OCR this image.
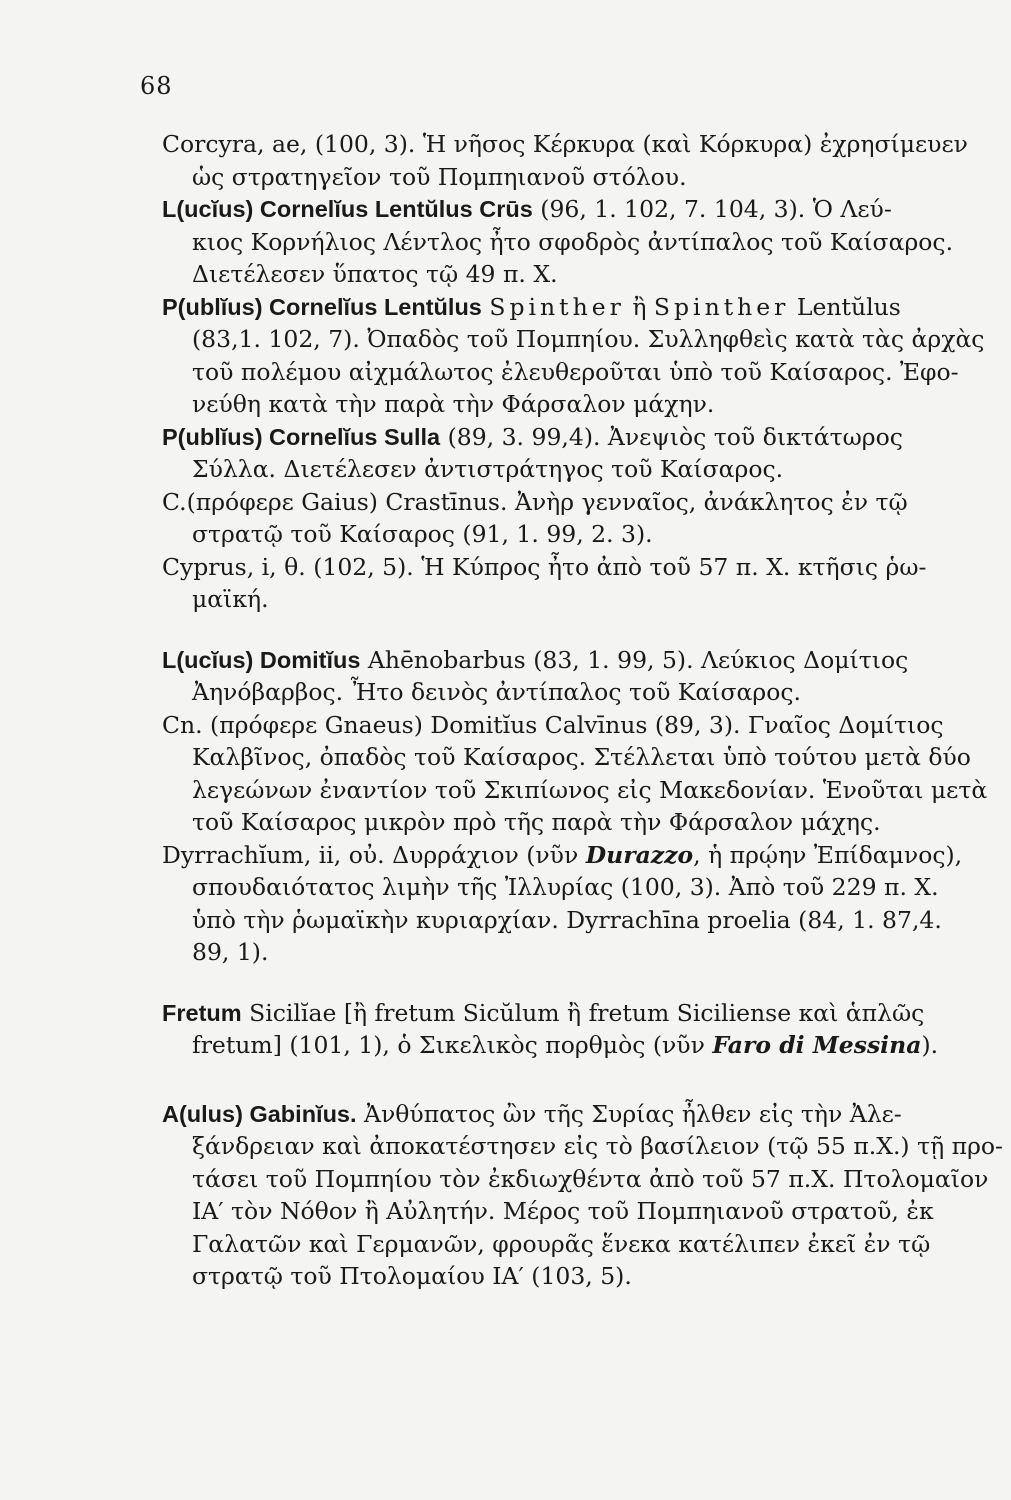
68

Corcyra, ae, (100, 3). Ἡ νῆσος Κέρκυρα (καὶ Κόρκυρα) ἐχρησίμευεν
ὡς στρατηγεῖον τοῦ Πομπηιανοῦ στόλου.

L(ucĭus) Cornelĭus Lentŭlus Crūs (96, 1. 102, 7. 104, 3). Ὁ Λεύ-
κιος Κορνήλιος Λέντλος ἦτο σφοδρὸς ἀντίπαλος τοῦ Καίσαρος.
Διετέλεσεν ὕπατος τῷ 49 π. Χ.

P(ublĭus) Cornelĭus Lentŭlus Spinther ἢ Spinther Lentŭlus
(83,1. 102, 7). Ὀπαδὸς τοῦ Πομπηίου. Συλληφθεὶς κατὰ τὰς ἀρχὰς
τοῦ πολέμου αἰχμάλωτος ἐλευθεροῦται ὑπὸ τοῦ Καίσαρος. Ἐφο-
νεύθη κατὰ τὴν παρὰ τὴν Φάρσαλον μάχην.

P(ublĭus) Cornelĭus Sulla (89, 3. 99,4). Ἀνεψιὸς τοῦ δικτάτωρος
Σύλλα. Διετέλεσεν ἀντιστράτηγος τοῦ Καίσαρος.

C.(πρόφερε Gaius) Crastīnus. Ἀνὴρ γενναῖος, ἀνάκλητος ἐν τῷ
στρατῷ τοῦ Καίσαρος (91, 1. 99, 2. 3).

Cyprus, i, θ. (102, 5). Ἡ Κύπρος ἦτο ἀπὸ τοῦ 57 π. Χ. κτῆσις ῥω-
μαϊκή.

L(ucĭus) Domitĭus Ahēnobarbus (83, 1. 99, 5). Λεύκιος Δομίτιος
Ἀηνόβαρβος. Ἦτο δεινὸς ἀντίπαλος τοῦ Καίσαρος.

Cn. (πρόφερε Gnaeus) Domitĭus Calvīnus (89, 3). Γναῖος Δομίτιος
Καλβῖνος, ὀπαδὸς τοῦ Καίσαρος. Στέλλεται ὑπὸ τούτου μετὰ δύο
λεγεώνων ἐναντίον τοῦ Σκιπίωνος εἰς Μακεδονίαν. Ἑνοῦται μετὰ
τοῦ Καίσαρος μικρὸν πρὸ τῆς παρὰ τὴν Φάρσαλον μάχης.

Dyrrachĭum, ii, οὐ. Δυρράχιον (νῦν Durazzo, ἡ πρῴην Ἐπίδαμνος),
σπουδαιότατος λιμὴν τῆς Ἰλλυρίας (100, 3). Ἀπὸ τοῦ 229 π. Χ.
ὑπὸ τὴν ῥωμαϊκὴν κυριαρχίαν. Dyrrachīna proelia (84, 1. 87,4.
89, 1).

Fretum Sicilĭae [ἢ fretum Sicŭlum ἢ fretum Siciliense καὶ ἁπλῶς
fretum] (101, 1), ὁ Σικελικὸς πορθμὸς (νῦν Faro di Messina).

A(ulus) Gabinĭus. Ἀνθύπατος ὢν τῆς Συρίας ἦλθεν εἰς τὴν Ἀλε-
ξάνδρειαν καὶ ἀποκατέστησεν εἰς τὸ βασίλειον (τῷ 55 π.Χ.) τῇ προ-
τάσει τοῦ Πομπηίου τὸν ἐκδιωχθέντα ἀπὸ τοῦ 57 π.Χ. Πτολομαῖον
ΙΑ′ τὸν Νόθον ἢ Αὐλητήν. Μέρος τοῦ Πομπηιανοῦ στρατοῦ, ἐκ
Γαλατῶν καὶ Γερμανῶν, φρουρᾶς ἕνεκα κατέλιπεν ἐκεῖ ἐν τῷ
στρατῷ τοῦ Πτολομαίου ΙΑ′ (103, 5).
